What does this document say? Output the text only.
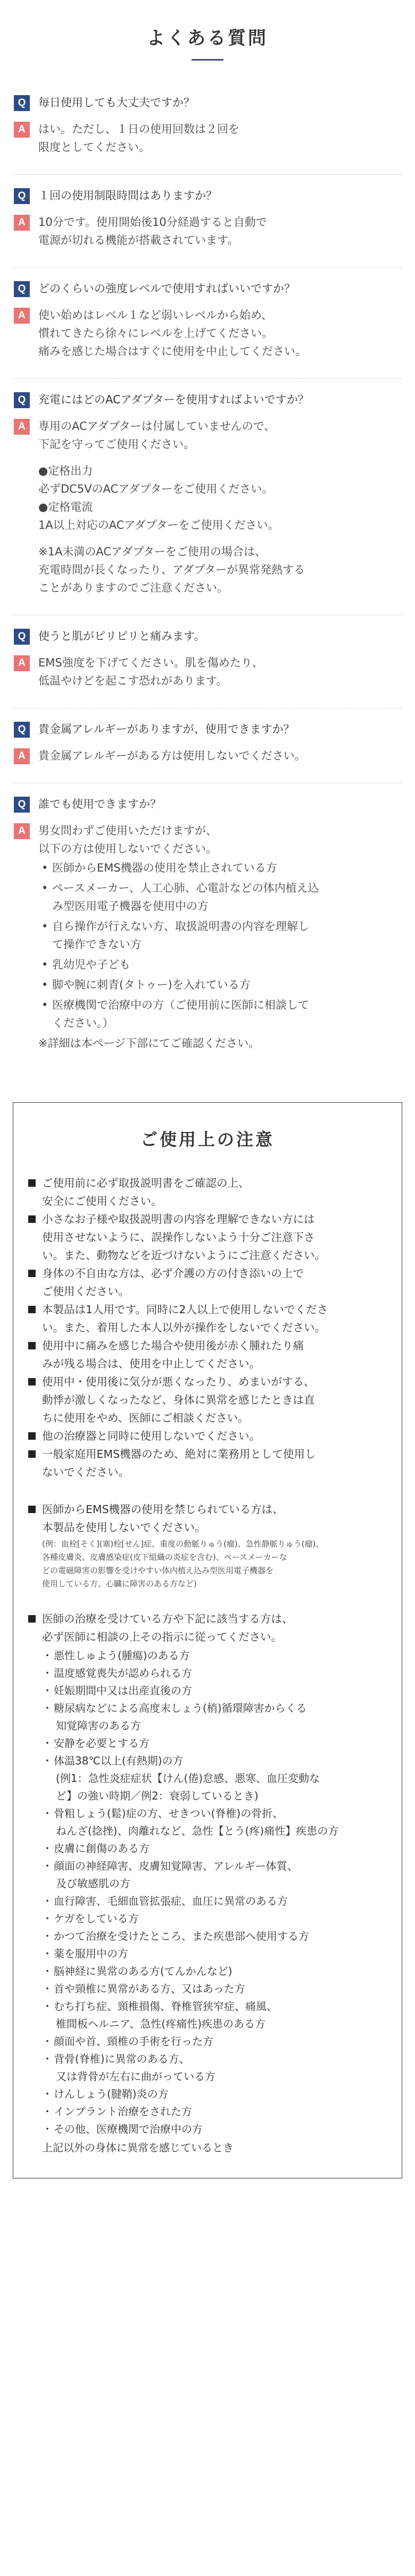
よくある質問
Q	毎日使用しても大丈夫ですか？
A	はい。ただし、１日の使用回数は２回を

限度としてください。

Q	１回の使用制限時間はありますか？
A	10分です。使用開始後10分経過すると自動で

電源が切れる機能が搭載されています。

Q	どのくらいの強度レベルで使用すればいいですか？
A	使い始めはレベル１など弱いレベルから始め、

慣れてきたら徐々にレベルを上げてください。

痛みを感じた場合はすぐに使用を中止してください。

Q	充電にはどのACアダプターを使用すればよいですか？
A	専用のACアダプターは付属していませんので、

下記を守ってご使用ください。

●定格出力

必ずDC5VのACアダプターをご使用ください。

●定格電流

1A以上対応のACアダプターをご使用ください。

※1A未満のACアダプターをご使用の場合は、

充電時間が長くなったり、アダプターが異常発熱する

ことがありますのでご注意ください。

Q	使うと肌がピリピリと痛みます。
A	EMS強度を下げてください。肌を傷めたり、

低温やけどを起こす恐れがあります。

Q	貴金属アレルギーがありますが、使用できますか？
A	貴金属アレルギーがある方は使用しないでください。

Q	誰でも使用できますか？
A	男女問わずご使用いただけますが、

以下の方は使用しないでください。

• 医師からEMS機器の使用を禁止されている方
• ペースメーカー、人工心肺、心電計などの体内植え込
み型医用電子機器を使用中の方
• 自ら操作が行えない方、取扱説明書の内容を理解し
て操作できない方
• 乳幼児や子ども
• 脚や腕に刺青(タトゥー)を入れている方
• 医療機関で治療中の方（ご使用前に医師に相談して
ください。）

※詳細は本ページ下部にてご確認ください。

ご使用上の注意

ご使用前に必ず取扱説明書をご確認の上、

安全にご使用ください。

小さなお子様や取扱説明書の内容を理解できない方には

使用させないように、誤操作しないよう十分ご注意下さ

い。また、動物などを近づけないようにご注意ください。

身体の不自由な方は、必ず介護の方の付き添いの上で

ご使用ください。

本製品は1人用です。同時に2人以上で使用しないでくださ

い。また、着用した本人以外が操作をしないでください。

使用中に痛みを感じた場合や使用後が赤く腫れたり痛

みが残る場合は、使用を中止してください。

使用中・使用後に気分が悪くなったり、めまいがする、

動悸が激しくなったなど、身体に異常を感じたときは直

ちに使用をやめ、医師にご相談ください。

他の治療器と同時に使用しないでください。

一般家庭用EMS機器のため、絶対に業務用として使用し

ないでください。

医師からEMS機器の使用を禁じられている方は、

本製品を使用しないでください。

(例：血栓[そく](塞)栓[せん]症、重度の動脈りゅう(瘤)、急性静脈りゅう(瘤)、

各種皮膚炎、皮膚感染症(皮下組織の炎症を含む)、ペースメーカーな

どの電磁障害の影響を受けやすい体内植え込み型医用電子機器を

使用している方、心臓に障害のある方など)

医師の治療を受けている方や下記に該当する方は、

必ず医師に相談の上その指示に従ってください。

・ 悪性しゅよう(腫瘍)のある方
・ 温度感覚喪失が認められる方
・ 妊娠期間中又は出産直後の方
・ 糖尿病などによる高度末しょう(梢)循環障害からくる
知覚障害のある方
・ 安静を必要とする方
・ 体温38℃以上(有熱期)の方
(例1：急性炎症症状【けん(倦)怠感、悪寒、血圧変動な
ど】の強い時期／例2：衰弱しているとき)
・ 骨粗しょう(鬆)症の方、せきつい(脊椎)の骨折、
ねんざ(捻挫)、肉離れなど、急性【とう(疼)痛性】疾患の方
・ 皮膚に創傷のある方
・ 顔面の神経障害、皮膚知覚障害、アレルギー体質、
及び敏感肌の方
・ 血行障害、毛細血管拡張症、血圧に異常のある方
・ ケガをしている方
・ かつて治療を受けたところ、また疾患部へ使用する方
・ 薬を服用中の方
・ 脳神経に異常のある方(てんかんなど)
・ 首や頸椎に異常がある方、又はあった方
・ むち打ち症、頸椎損傷、脊椎管狭窄症、痛風、
椎間板ヘルニア、急性(疼痛性)疾患のある方
・ 顔面や首、頸椎の手術を行った方
・ 背骨(脊椎)に異常のある方、
又は背骨が左右に曲がっている方
・ けんしょう(腱鞘)炎の方
・ インプラント治療をされた方
・ その他、医療機関で治療中の方

上記以外の身体に異常を感じているとき
